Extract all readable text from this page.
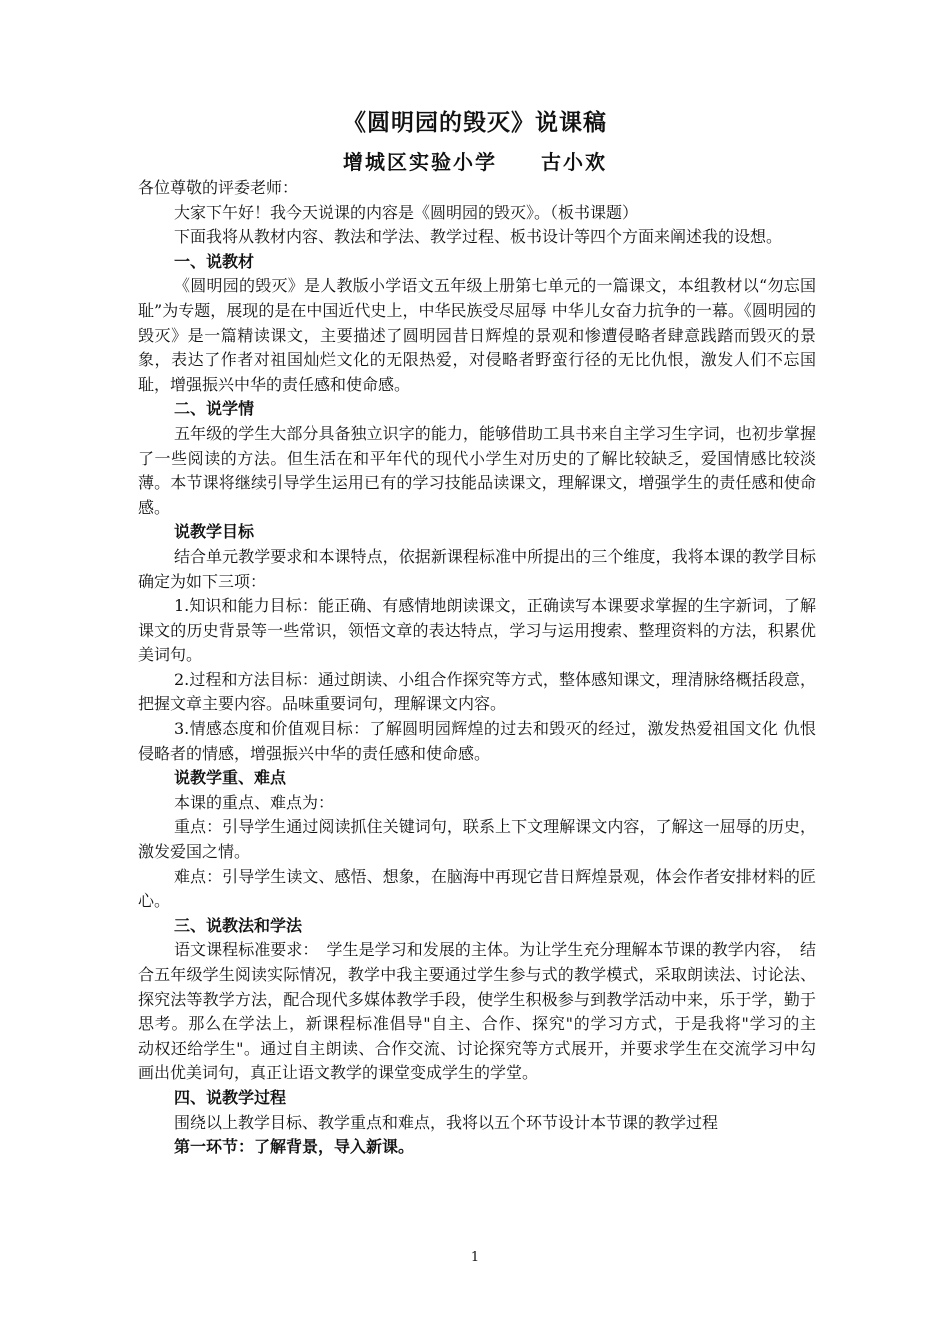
《圆明园的毁灭》说课稿
增城区实验小学　　古小欢

各位尊敬的评委老师：

大家下午好！我今天说课的内容是《圆明园的毁灭》。（板书课题）

下面我将从教材内容、教法和学法、教学过程、板书设计等四个方面来阐述我的设想。

一、说教材

《圆明园的毁灭》是人教版小学语文五年级上册第七单元的一篇课文，本组教材以“勿忘国耻”为专题，展现的是在中国近代史上，中华民族受尽屈辱 中华儿女奋力抗争的一幕。《圆明园的毁灭》是一篇精读课文，主要描述了圆明园昔日辉煌的景观和惨遭侵略者肆意践踏而毁灭的景象，表达了作者对祖国灿烂文化的无限热爱，对侵略者野蛮行径的无比仇恨，激发人们不忘国耻，增强振兴中华的责任感和使命感。

二、说学情

五年级的学生大部分具备独立识字的能力，能够借助工具书来自主学习生字词，也初步掌握了一些阅读的方法。但生活在和平年代的现代小学生对历史的了解比较缺乏，爱国情感比较淡薄。本节课将继续引导学生运用已有的学习技能品读课文，理解课文，增强学生的责任感和使命感。

说教学目标

结合单元教学要求和本课特点，依据新课程标准中所提出的三个维度，我将本课的教学目标确定为如下三项：

1.知识和能力目标：能正确、有感情地朗读课文，正确读写本课要求掌握的生字新词，了解课文的历史背景等一些常识，领悟文章的表达特点，学习与运用搜索、整理资料的方法，积累优美词句。

2.过程和方法目标：通过朗读、小组合作探究等方式，整体感知课文，理清脉络概括段意，把握文章主要内容。品味重要词句，理解课文内容。

3.情感态度和价值观目标：了解圆明园辉煌的过去和毁灭的经过，激发热爱祖国文化 仇恨侵略者的情感，增强振兴中华的责任感和使命感。

说教学重、难点

本课的重点、难点为：

重点：引导学生通过阅读抓住关键词句，联系上下文理解课文内容，了解这一屈辱的历史，激发爱国之情。

难点：引导学生读文、感悟、想象，在脑海中再现它昔日辉煌景观，体会作者安排材料的匠心。

三、说教法和学法

语文课程标准要求：　学生是学习和发展的主体。为让学生充分理解本节课的教学内容，　结合五年级学生阅读实际情况，教学中我主要通过学生参与式的教学模式，采取朗读法、讨论法、探究法等教学方法，配合现代多媒体教学手段，使学生积极参与到教学活动中来，乐于学，勤于思考。那么在学法上，新课程标准倡导"自主、合作、探究"的学习方式，于是我将"学习的主　动权还给学生"。通过自主朗读、合作交流、讨论探究等方式展开，并要求学生在交流学习中勾画出优美词句，真正让语文教学的课堂变成学生的学堂。

四、说教学过程

围绕以上教学目标、教学重点和难点，我将以五个环节设计本节课的教学过程

第一环节：了解背景，导入新课。

1
